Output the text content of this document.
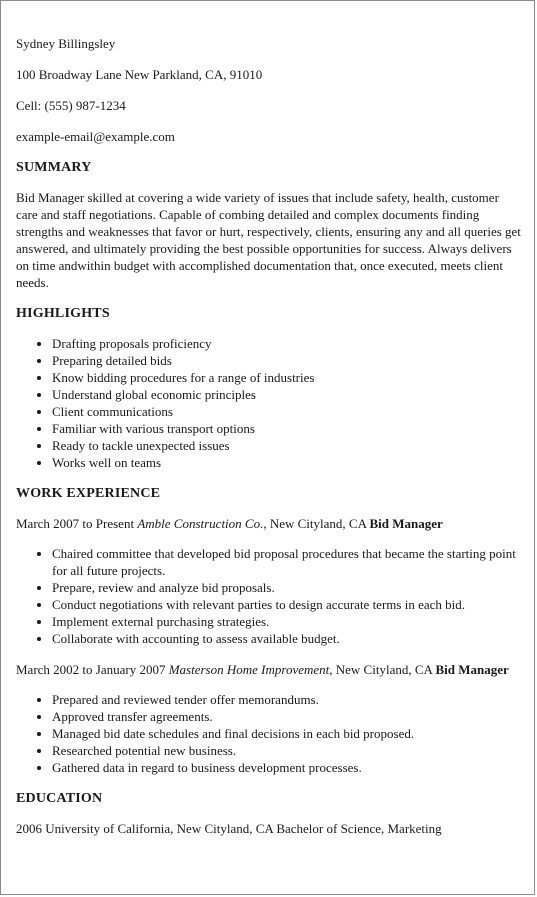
Sydney Billingsley
100 Broadway Lane New Parkland, CA, 91010
Cell: (555) 987-1234
example-email@example.com
SUMMARY
Bid Manager skilled at covering a wide variety of issues that include safety, health, customer care and staff negotiations. Capable of combing detailed and complex documents finding strengths and weaknesses that favor or hurt, respectively, clients, ensuring any and all queries get answered, and ultimately providing the best possible opportunities for success. Always delivers on time andwithin budget with accomplished documentation that, once executed, meets client needs.
HIGHLIGHTS
• Drafting proposals proficiency
• Preparing detailed bids
• Know bidding procedures for a range of industries
• Understand global economic principles
• Client communications
• Familiar with various transport options
• Ready to tackle unexpected issues
• Works well on teams
WORK EXPERIENCE
March 2007 to Present Amble Construction Co., New Cityland, CA Bid Manager
• Chaired committee that developed bid proposal procedures that became the starting point for all future projects.
• Prepare, review and analyze bid proposals.
• Conduct negotiations with relevant parties to design accurate terms in each bid.
• Implement external purchasing strategies.
• Collaborate with accounting to assess available budget.
March 2002 to January 2007 Masterson Home Improvement, New Cityland, CA Bid Manager
• Prepared and reviewed tender offer memorandums.
• Approved transfer agreements.
• Managed bid date schedules and final decisions in each bid proposed.
• Researched potential new business.
• Gathered data in regard to business development processes.
EDUCATION
2006 University of California, New Cityland, CA Bachelor of Science, Marketing
